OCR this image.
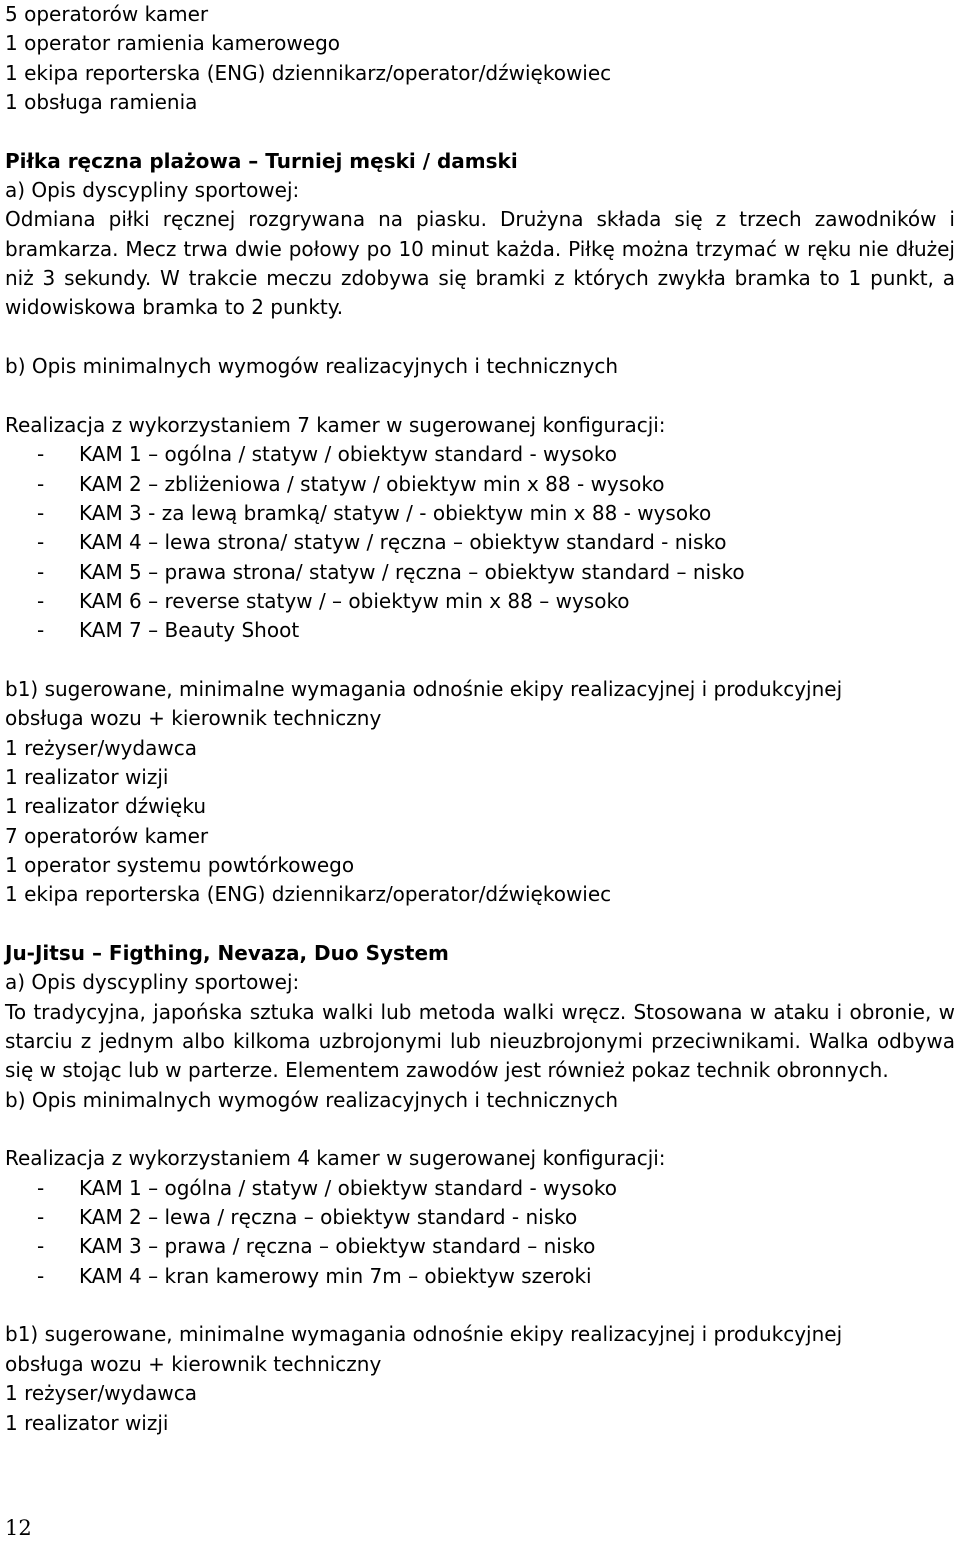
5 operatorów kamer
1 operator ramienia kamerowego
1 ekipa reporterska (ENG) dziennikarz/operator/dźwiękowiec
1 obsługa ramienia
Piłka ręczna plażowa – Turniej męski / damski
a) Opis dyscypliny sportowej:
Odmiana piłki ręcznej rozgrywana na piasku. Drużyna składa się z trzech zawodników i bramkarza. Mecz trwa dwie połowy po 10 minut każda. Piłkę można trzymać w ręku nie dłużej niż 3 sekundy. W trakcie meczu zdobywa się bramki z których zwykła bramka to 1 punkt, a widowiskowa bramka to 2 punkty.
b) Opis minimalnych wymogów realizacyjnych i technicznych
Realizacja z wykorzystaniem 7 kamer w sugerowanej konfiguracji:
- KAM 1 – ogólna / statyw / obiektyw standard - wysoko
- KAM 2 – zbliżeniowa / statyw / obiektyw min x 88 - wysoko
- KAM 3 - za lewą bramką/ statyw / - obiektyw min x 88 - wysoko
- KAM 4 – lewa strona/ statyw / ręczna – obiektyw standard - nisko
- KAM 5 – prawa strona/ statyw / ręczna – obiektyw standard – nisko
- KAM 6 – reverse statyw / – obiektyw min x 88 – wysoko
- KAM 7 – Beauty Shoot
b1) sugerowane, minimalne wymagania odnośnie ekipy realizacyjnej i produkcyjnej
obsługa wozu + kierownik techniczny
1 reżyser/wydawca
1 realizator wizji
1 realizator dźwięku
7 operatorów kamer
1 operator systemu powtórkowego
1 ekipa reporterska (ENG) dziennikarz/operator/dźwiękowiec
Ju-Jitsu – Figthing, Nevaza, Duo System
a) Opis dyscypliny sportowej:
To tradycyjna, japońska sztuka walki lub metoda walki wręcz. Stosowana w ataku i obronie, w starciu z jednym albo kilkoma uzbrojonymi lub nieuzbrojonymi przeciwnikami. Walka odbywa się w stojąc lub w parterze. Elementem zawodów jest również pokaz technik obronnych.
b) Opis minimalnych wymogów realizacyjnych i technicznych
Realizacja z wykorzystaniem 4 kamer w sugerowanej konfiguracji:
- KAM 1 – ogólna / statyw / obiektyw standard - wysoko
- KAM 2 – lewa / ręczna – obiektyw standard - nisko
- KAM 3 – prawa / ręczna – obiektyw standard – nisko
- KAM 4 – kran kamerowy min 7m – obiektyw szeroki
b1) sugerowane, minimalne wymagania odnośnie ekipy realizacyjnej i produkcyjnej
obsługa wozu + kierownik techniczny
1 reżyser/wydawca
1 realizator wizji
12
